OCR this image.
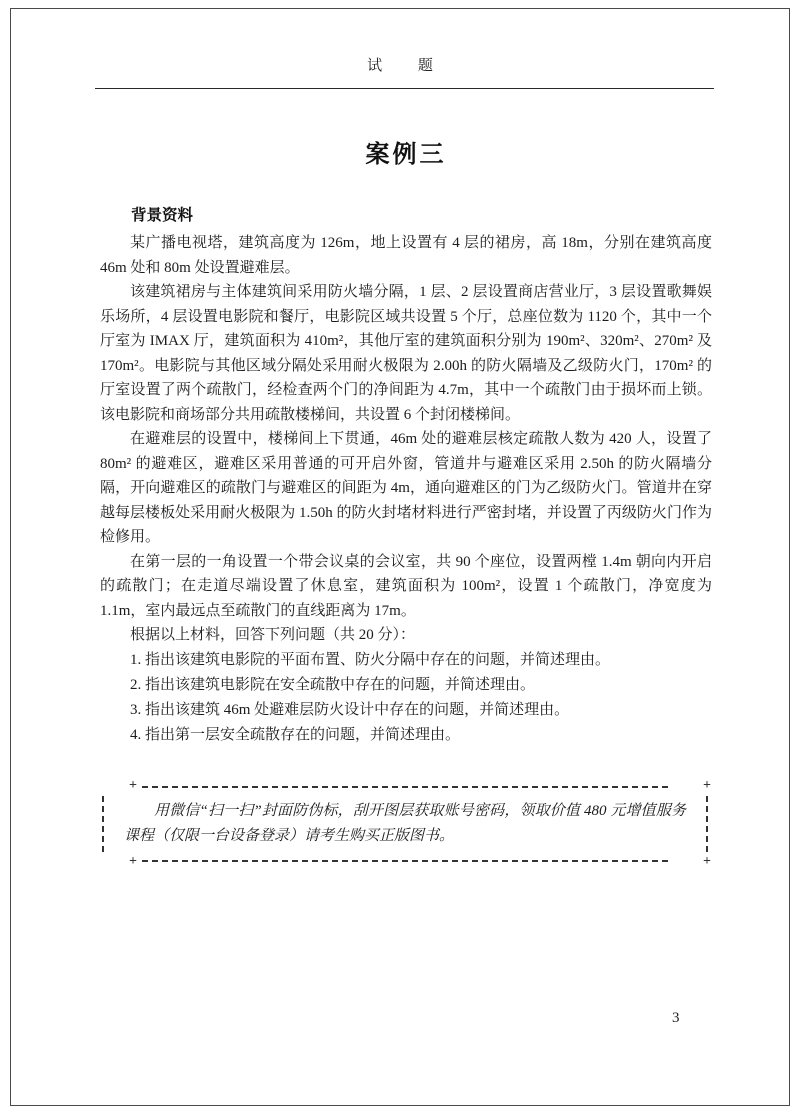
试 题
案例三
背景资料

某广播电视塔，建筑高度为 126m，地上设置有 4 层的裙房，高 18m，分别在建筑高度 46m 处和 80m 处设置避难层。

该建筑裙房与主体建筑间采用防火墙分隔，1 层、2 层设置商店营业厅，3 层设置歌舞娱乐场所，4 层设置电影院和餐厅，电影院区域共设置 5 个厅，总座位数为 1120 个，其中一个厅室为 IMAX 厅，建筑面积为 410m²，其他厅室的建筑面积分别为 190m²、320m²、270m² 及 170m²。电影院与其他区域分隔处采用耐火极限为 2.00h 的防火隔墙及乙级防火门，170m² 的厅室设置了两个疏散门，经检查两个门的净间距为 4.7m，其中一个疏散门由于损坏而上锁。该电影院和商场部分共用疏散楼梯间，共设置 6 个封闭楼梯间。

在避难层的设置中，楼梯间上下贯通，46m 处的避难层核定疏散人数为 420 人，设置了 80m² 的避难区，避难区采用普通的可开启外窗，管道井与避难区采用 2.50h 的防火隔墙分隔，开向避难区的疏散门与避难区的间距为 4m，通向避难区的门为乙级防火门。管道井在穿越每层楼板处采用耐火极限为 1.50h 的防火封堵材料进行严密封堵，并设置了丙级防火门作为检修用。

在第一层的一角设置一个带会议桌的会议室，共 90 个座位，设置两樘 1.4m 朝向内开启的疏散门；在走道尽端设置了休息室，建筑面积为 100m²，设置 1 个疏散门，净宽度为 1.1m，室内最远点至疏散门的直线距离为 17m。

根据以上材料，回答下列问题（共 20 分）：

1. 指出该建筑电影院的平面布置、防火分隔中存在的问题，并简述理由。

2. 指出该建筑电影院在安全疏散中存在的问题，并简述理由。

3. 指出该建筑 46m 处避难层防火设计中存在的问题，并简述理由。

4. 指出第一层安全疏散存在的问题，并简述理由。

+	+
+	+
用微信“扫一扫”封面防伪标，刮开图层获取账号密码，领取价值 480 元增值服务课程（仅限一台设备登录）请考生购买正版图书。
3
